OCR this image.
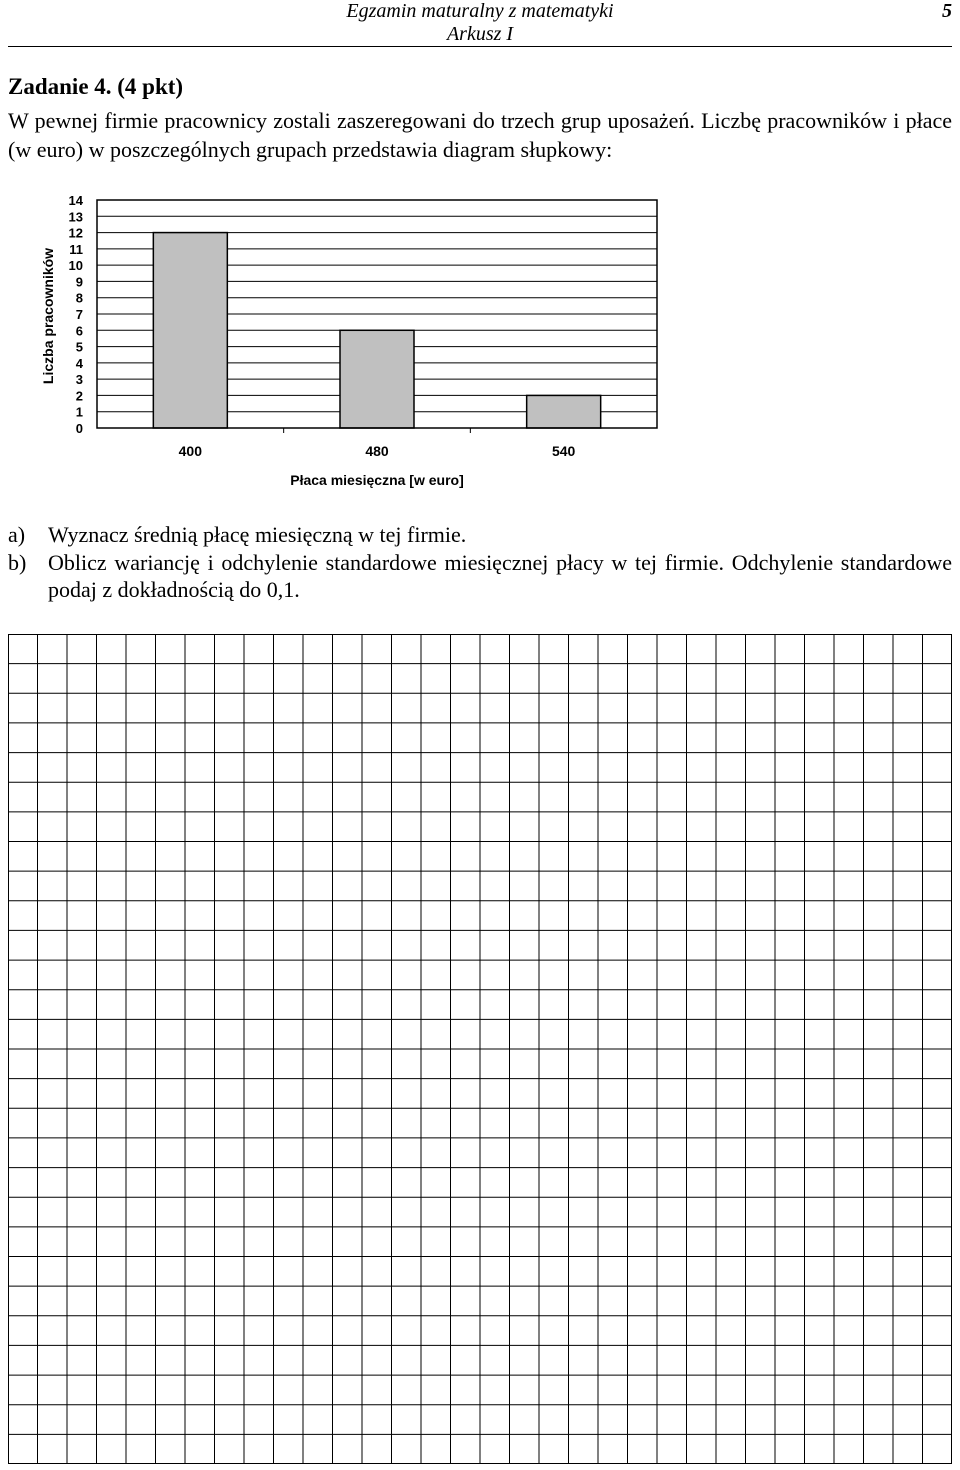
Egzamin maturalny z matematyki
Arkusz I
5
Zadanie 4. (4 pkt)
W pewnej firmie pracownicy zostali zaszeregowani do trzech grup uposażeń. Liczbę pracowników i płace (w euro) w poszczególnych grupach przedstawia diagram słupkowy:
0
1
2
3
4
5
6
7
8
9
10
11
12
13
14
400	480	540
Liczba pracowników
Płaca miesięczna [w euro]
a) Wyznacz średnią płacę miesięczną w tej firmie.
b) Oblicz wariancję i odchylenie standardowe miesięcznej płacy w tej firmie. Odchylenie standardowe podaj z dokładnością do 0,1.
